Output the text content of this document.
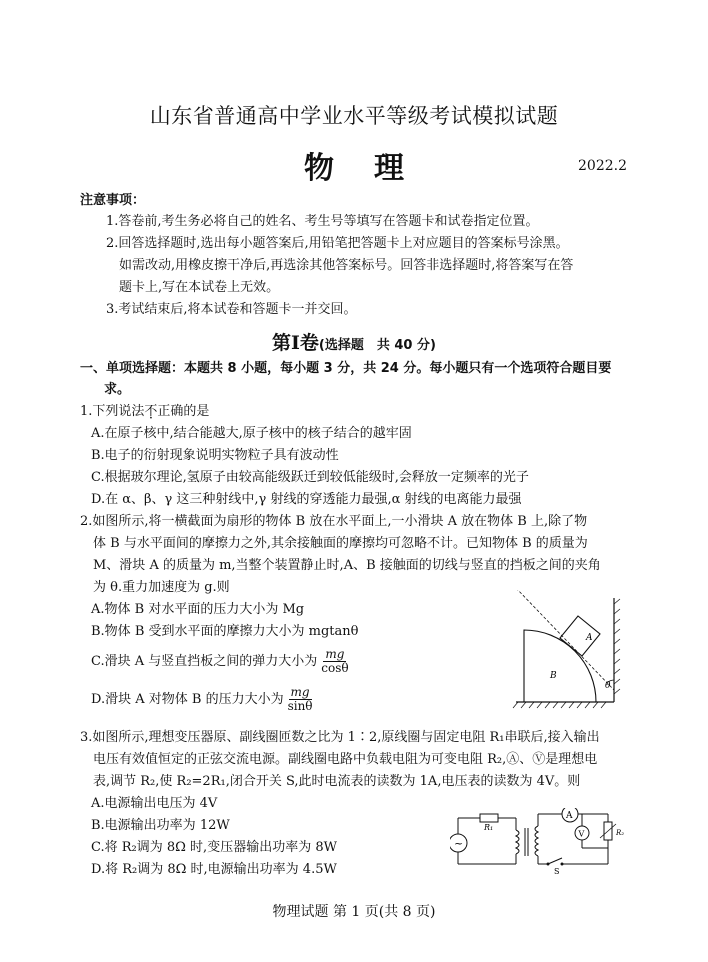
山东省普通高中学业水平等级考试模拟试题
物 理	2022.2
注意事项：
1.答卷前,考生务必将自己的姓名、考生号等填写在答题卡和试卷指定位置。
2.回答选择题时,选出每小题答案后,用铅笔把答题卡上对应题目的答案标号涂黑。
如需改动,用橡皮擦干净后,再选涂其他答案标号。回答非选择题时,将答案写在答
题卡上,写在本试卷上无效。
3.考试结束后,将本试卷和答题卡一并交回。
第Ⅰ卷(选择题　共 40 分)
一、单项选择题：本题共 8 小题，每小题 3 分，共 24 分。每小题只有一个选项符合题目要
求。
1.下列说法不正确的是
A.在原子核中,结合能越大,原子核中的核子结合的越牢固
B.电子的衍射现象说明实物粒子具有波动性
C.根据玻尔理论,氢原子由较高能级跃迁到较低能级时,会释放一定频率的光子
D.在 α、β、γ 这三种射线中,γ 射线的穿透能力最强,α 射线的电离能力最强
2.如图所示,将一横截面为扇形的物体 B 放在水平面上,一小滑块 A 放在物体 B 上,除了物
体 B 与水平面间的摩擦力之外,其余接触面的摩擦均可忽略不计。已知物体 B 的质量为
M、滑块 A 的质量为 m,当整个装置静止时,A、B 接触面的切线与竖直的挡板之间的夹角
为 θ.重力加速度为 g.则
A.物体 B 对水平面的压力大小为 Mg
B.物体 B 受到水平面的摩擦力大小为 mgtanθ
C.滑块 A 与竖直挡板之间的弹力大小为 $\frac{mg}{\cos\theta}$
D.滑块 A 对物体 B 的压力大小为 $\frac{mg}{\sin\theta}$
A
B
θ
3.如图所示,理想变压器原、副线圈匝数之比为 1∶2,原线圈与固定电阻 R₁串联后,接入输出
电压有效值恒定的正弦交流电源。副线圈电路中负载电阻为可变电阻 R₂,Ⓐ、Ⓥ是理想电
表,调节 R₂,使 R₂=2R₁,闭合开关 S,此时电流表的读数为 1A,电压表的读数为 4V。则
A.电源输出电压为 4V
B.电源输出功率为 12W
C.将 R₂调为 8Ω 时,变压器输出功率为 8W
D.将 R₂调为 8Ω 时,电源输出功率为 4.5W
R₁
~
A
V	R₂
S
物理试题 第 1 页(共 8 页)
